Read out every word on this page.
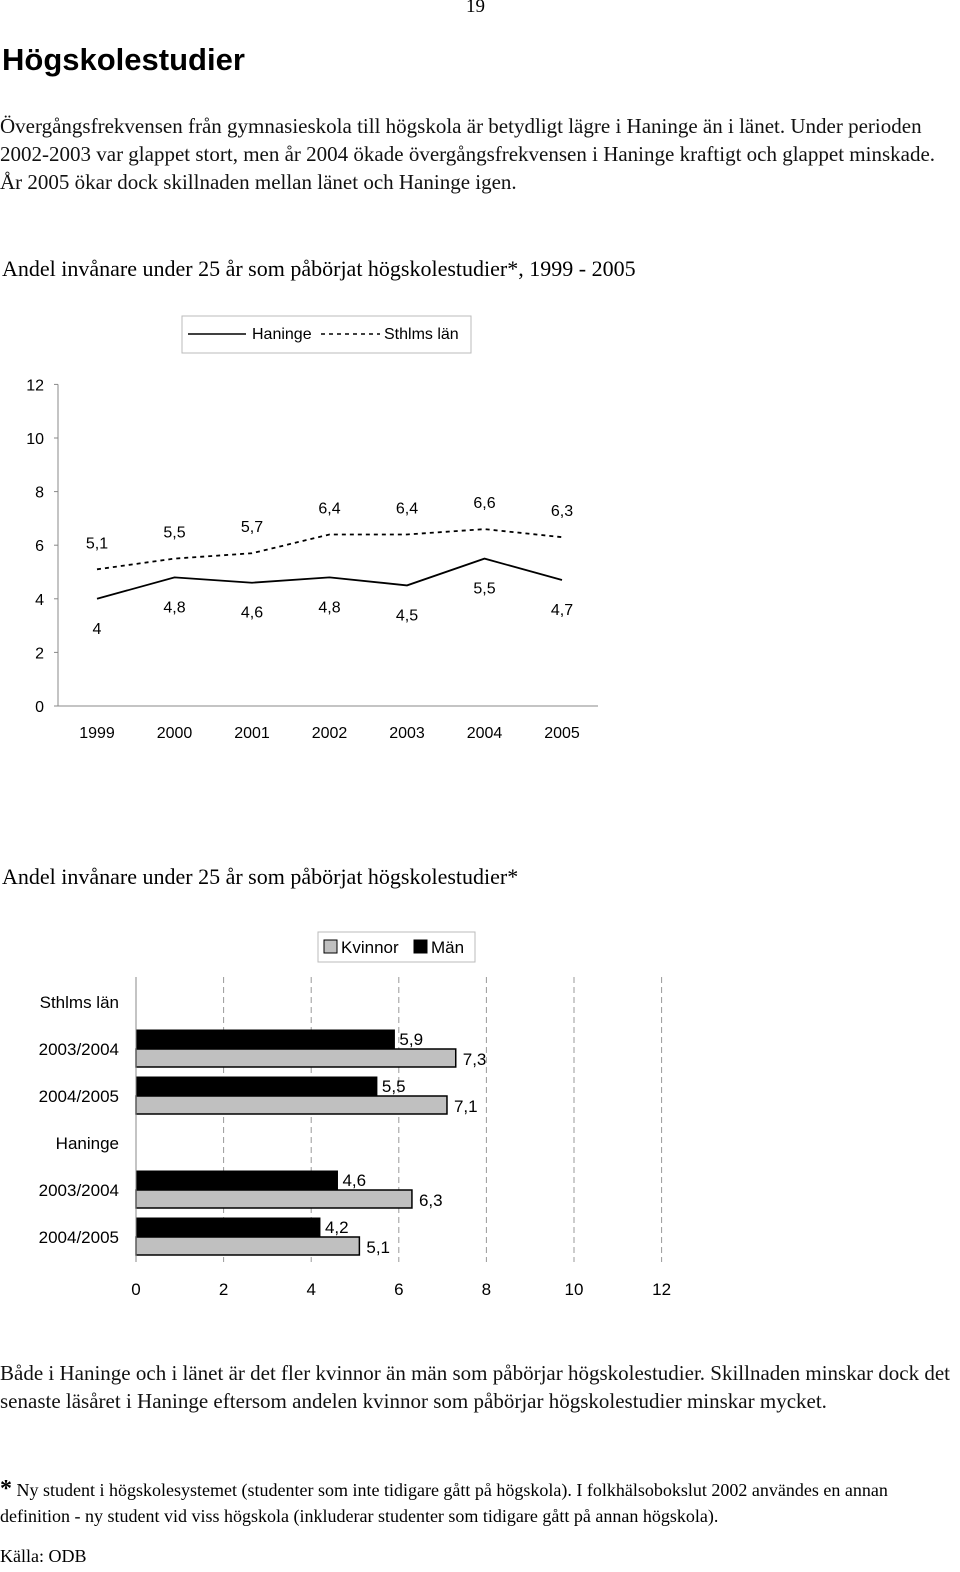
19
Högskolestudier
Övergångsfrekvensen från gymnasieskola till högskola är betydligt lägre i Haninge än i länet. Under perioden 2002-2003 var glappet stort, men år 2004 ökade övergångsfrekvensen i Haninge kraftigt och glappet minskade. År 2005 ökar dock skillnaden mellan länet och Haninge igen.
Andel invånare under 25 år som påbörjat högskolestudier*, 1999 - 2005
Haninge	Sthlms län
0
2
4
6
8
10
12
1999	2000	2001	2002	2003	2004	2005
4
4,8	4,6	4,8	4,5
5,5
4,7
5,1
5,5	5,7
6,4	6,4	6,6	6,3
Andel invånare under 25 år som påbörjat högskolestudier*
Kvinnor Män
0	2	4	6	8	10	12
Sthlms län
2003/2004
5,9
7,3
2004/2005
5,5
7,1
Haninge
2003/2004
4,6
6,3
2004/2005
4,2
5,1
Både i Haninge och i länet är det fler kvinnor än män som påbörjar högskolestudier. Skillnaden minskar dock det senaste läsåret i Haninge eftersom andelen kvinnor som påbörjar högskolestudier minskar mycket.
* Ny student i högskolesystemet (studenter som inte tidigare gått på högskola). I folkhälsobokslut 2002 användes en annan definition - ny student vid viss högskola (inkluderar studenter som tidigare gått på annan högskola).
Källa: ODB
